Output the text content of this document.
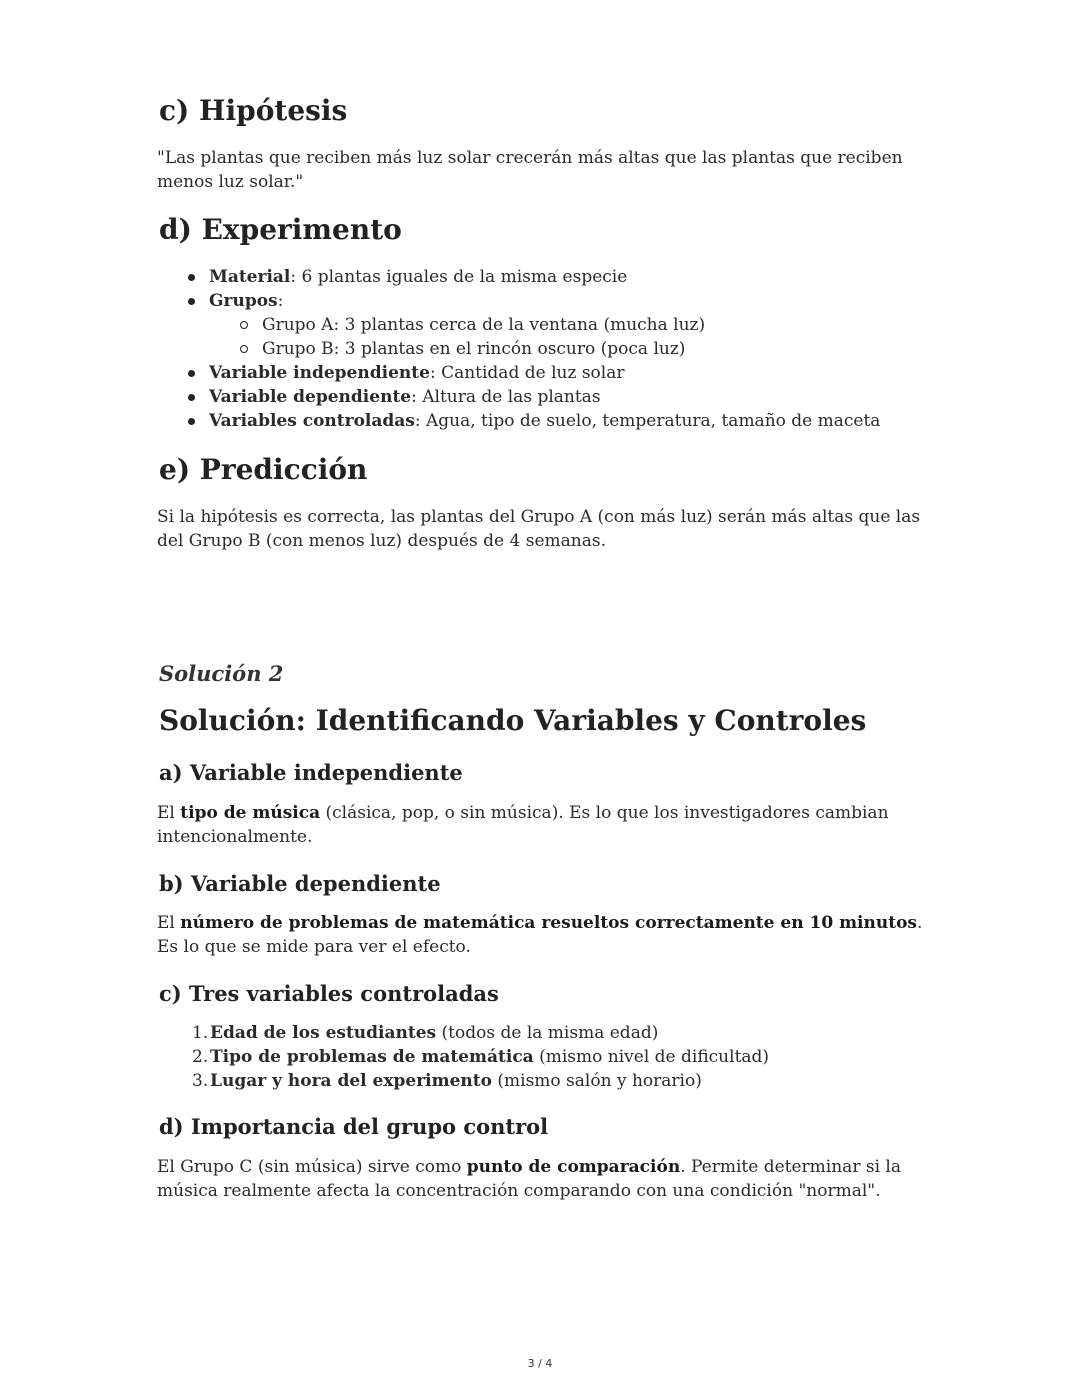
c) Hipótesis

"Las plantas que reciben más luz solar crecerán más altas que las plantas que reciben menos luz solar."

d) Experimento
Material: 6 plantas iguales de la misma especie
Grupos:
Grupo A: 3 plantas cerca de la ventana (mucha luz)
Grupo B: 3 plantas en el rincón oscuro (poca luz)
Variable independiente: Cantidad de luz solar
Variable dependiente: Altura de las plantas
Variables controladas: Agua, tipo de suelo, temperatura, tamaño de maceta
e) Predicción

Si la hipótesis es correcta, las plantas del Grupo A (con más luz) serán más altas que las del Grupo B (con menos luz) después de 4 semanas.

Solución 2
Solución: Identificando Variables y Controles
a) Variable independiente

El tipo de música (clásica, pop, o sin música). Es lo que los investigadores cambian intencionalmente.

b) Variable dependiente

El número de problemas de matemática resueltos correctamente en 10 minutos. Es lo que se mide para ver el efecto.

c) Tres variables controladas
1. Edad de los estudiantes (todos de la misma edad)
2. Tipo de problemas de matemática (mismo nivel de dificultad)
3. Lugar y hora del experimento (mismo salón y horario)
d) Importancia del grupo control

El Grupo C (sin música) sirve como punto de comparación. Permite determinar si la música realmente afecta la concentración comparando con una condición "normal".

3 / 4
